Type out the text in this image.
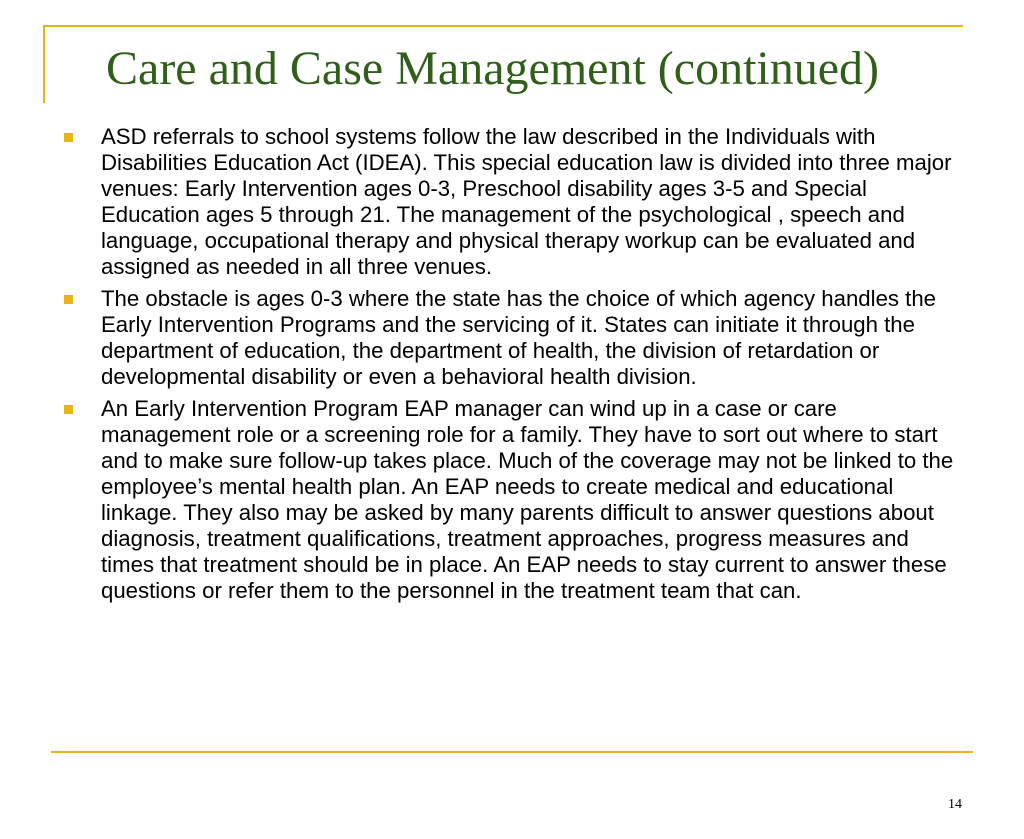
Care and Case Management (continued)
ASD referrals to school systems follow the law described in the Individuals with Disabilities Education Act (IDEA). This special education law is divided into three major venues: Early Intervention ages 0-3, Preschool disability ages 3-5 and Special Education ages 5 through 21. The management of the psychological , speech and language, occupational therapy and physical therapy workup can be evaluated and assigned as needed in all three venues.
The obstacle is ages 0-3 where the state has the choice of which agency handles the Early Intervention Programs and the servicing of it. States can initiate it through the department of education, the department of health, the division of retardation or developmental disability or even a behavioral health division.
An Early Intervention Program EAP manager can wind up in a case or care management role or a screening role for a family. They have to sort out where to start and to make sure follow-up takes place. Much of the coverage may not be linked to the employee’s mental health plan. An EAP needs to create medical and educational linkage. They also may be asked by many parents difficult to answer questions about diagnosis, treatment qualifications, treatment approaches, progress measures and times that treatment should be in place. An EAP needs to stay current to answer these questions or refer them to the personnel in the treatment team that can.
14
